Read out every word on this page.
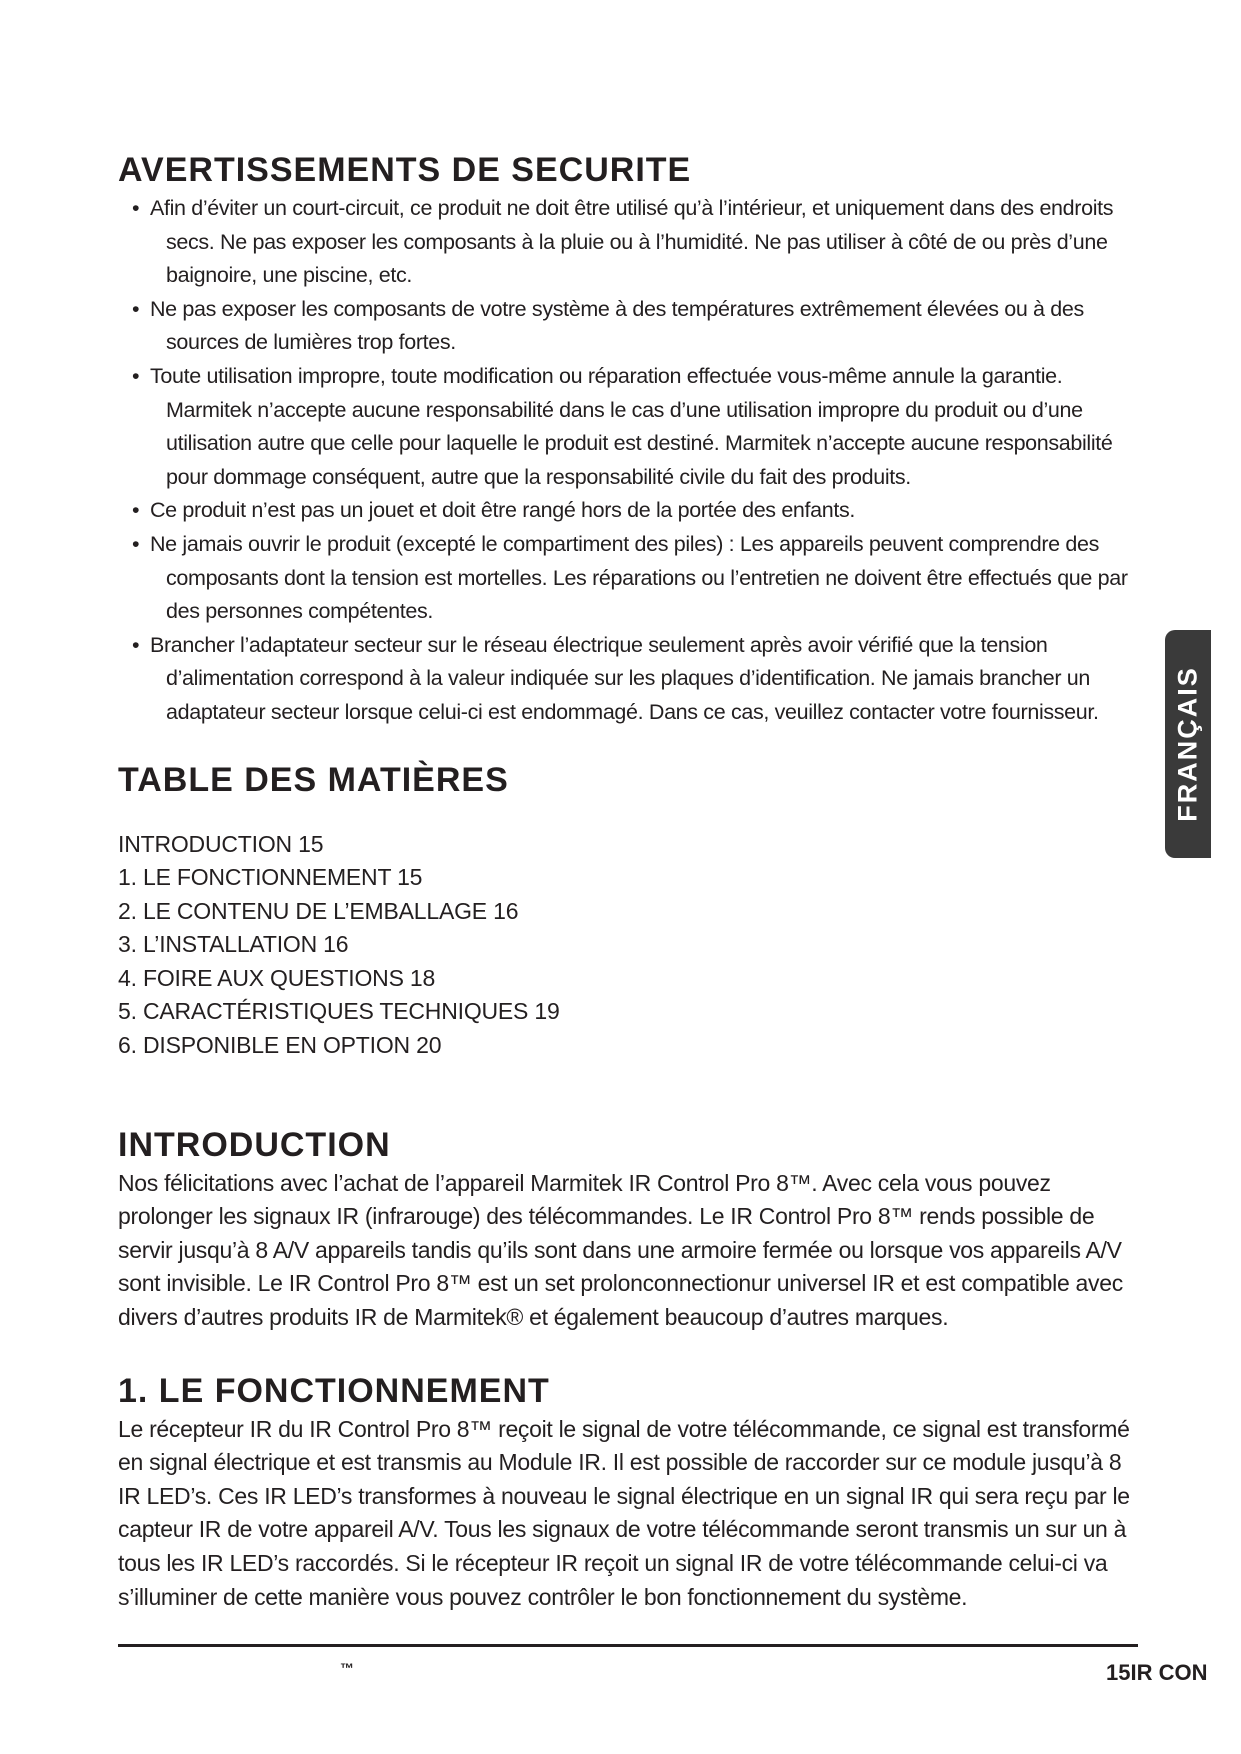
AVERTISSEMENTS DE SECURITE
• Afin d’éviter un court-circuit, ce produit ne doit être utilisé qu’à l’intérieur, et uniquement dans des endroits secs. Ne pas exposer les composants à la pluie ou à l’humidité. Ne pas utiliser à côté de ou près d’une baignoire, une piscine, etc.
• Ne pas exposer les composants de votre système à des températures extrêmement élevées ou à des sources de lumières trop fortes.
• Toute utilisation impropre, toute modification ou réparation effectuée vous-même annule la garantie. Marmitek n’accepte aucune responsabilité dans le cas d’une utilisation impropre du produit ou d’une utilisation autre que celle pour laquelle le produit est destiné. Marmitek n’accepte aucune responsabilité pour dommage conséquent, autre que la responsabilité civile du fait des produits.
• Ce produit n’est pas un jouet et doit être rangé hors de la portée des enfants.
• Ne jamais ouvrir le produit (excepté le compartiment des piles) : Les appareils peuvent comprendre des composants dont la tension est mortelles. Les réparations ou l’entretien ne doivent être effectués que par des personnes compétentes.
• Brancher l’adaptateur secteur sur le réseau électrique seulement après avoir vérifié que la tension d’alimentation correspond à la valeur indiquée sur les plaques d’identification. Ne jamais brancher un adaptateur secteur lorsque celui-ci est endommagé. Dans ce cas, veuillez contacter votre fournisseur.
TABLE DES MATIÈRES
INTRODUCTION 15
1. LE FONCTIONNEMENT 15
2. LE CONTENU DE L’EMBALLAGE 16
3. L’INSTALLATION 16
4. FOIRE AUX QUESTIONS 18
5. CARACTÉRISTIQUES TECHNIQUES 19
6. DISPONIBLE EN OPTION 20
INTRODUCTION

Nos félicitations avec l’achat de l’appareil Marmitek IR Control Pro 8™. Avec cela vous pouvez prolonger les signaux IR (infrarouge) des télécommandes. Le IR Control Pro 8™ rends possible de servir jusqu’à 8 A/V appareils tandis qu’ils sont dans une armoire fermée ou lorsque vos appareils A/V sont invisible. Le IR Control Pro 8™ est un set prolonconnectionur universel IR et est compatible avec divers d’autres produits IR de Marmitek® et également beaucoup d’autres marques.

1. LE FONCTIONNEMENT

Le récepteur IR du IR Control Pro 8™ reçoit le signal de votre télécommande, ce signal est transformé en signal électrique et est transmis au Module IR. Il est possible de raccorder sur ce module jusqu’à 8 IR LED’s. Ces IR LED’s transformes à nouveau le signal électrique en un signal IR qui sera reçu par le capteur IR de votre appareil A/V. Tous les signaux de votre télécommande seront transmis un sur un à tous les IR LED’s raccordés. Si le récepteur IR reçoit un signal IR de votre télécommande celui-ci va s’illuminer de cette manière vous pouvez contrôler le bon fonctionnement du système.

FRANÇAIS
™	15IR CON
